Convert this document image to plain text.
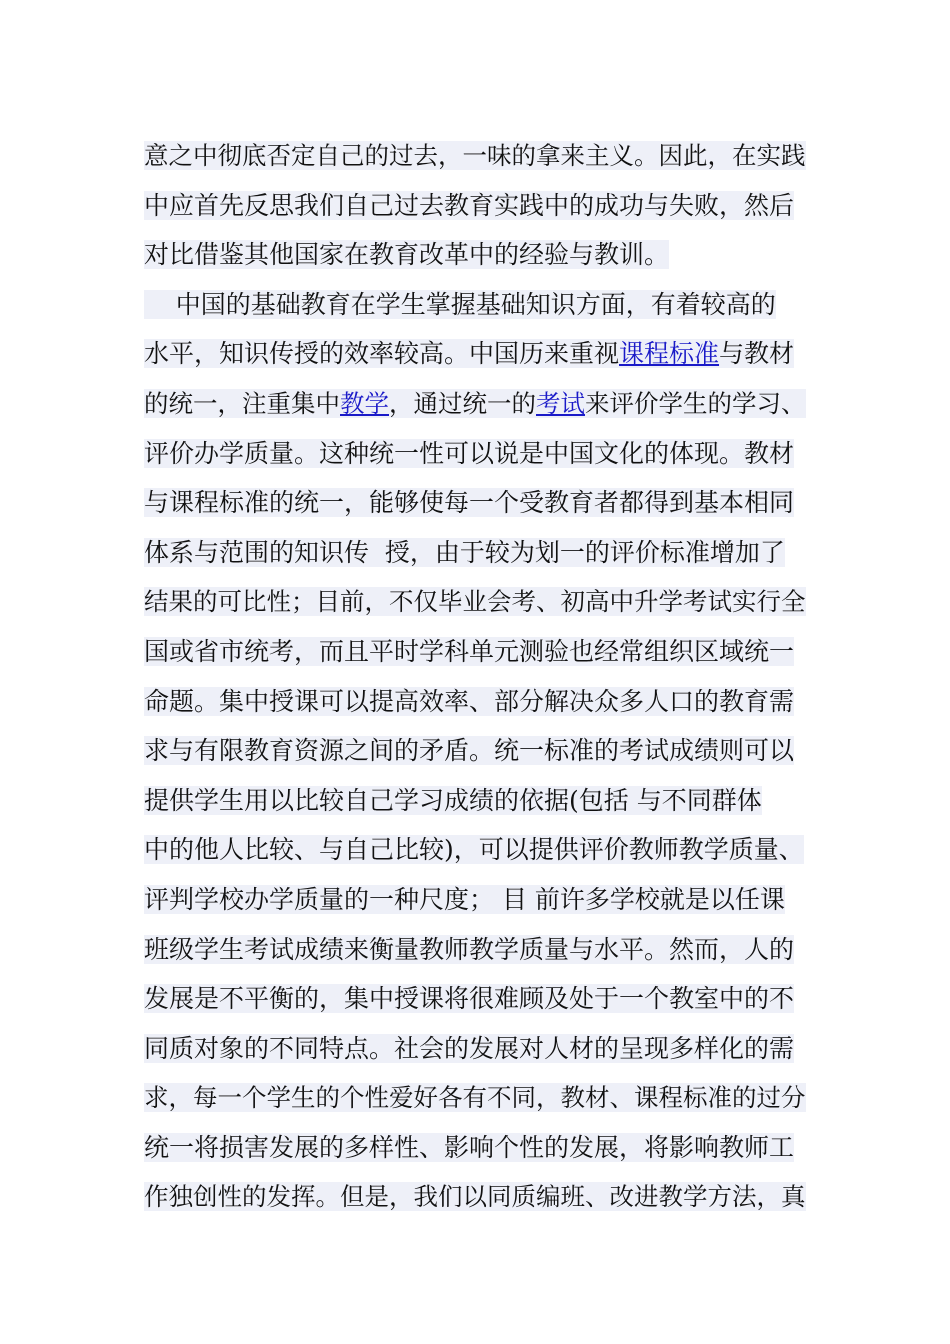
意之中彻底否定自己的过去，一味的拿来主义。因此，在实践
中应首先反思我们自己过去教育实践中的成功与失败，然后
对比借鉴其他国家在教育改革中的经验与教训。
中国的基础教育在学生掌握基础知识方面，有着较高的
水平，知识传授的效率较高。中国历来重视课程标准与教材
的统一，注重集中教学，通过统一的考试来评价学生的学习、
评价办学质量。这种统一性可以说是中国文化的体现。教材
与课程标准的统一，能够使每一个受教育者都得到基本相同
体系与范围的知识传  授，由于较为划一的评价标准增加了
结果的可比性；目前，不仅毕业会考、初高中升学考试实行全
国或省市统考，而且平时学科单元测验也经常组织区域统一
命题。集中授课可以提高效率、部分解决众多人口的教育需
求与有限教育资源之间的矛盾。统一标准的考试成绩则可以
提供学生用以比较自己学习成绩的依据(包括 与不同群体
中的他人比较、与自己比较)，可以提供评价教师教学质量、
评判学校办学质量的一种尺度； 目 前许多学校就是以任课
班级学生考试成绩来衡量教师教学质量与水平。然而，人的
发展是不平衡的，集中授课将很难顾及处于一个教室中的不
同质对象的不同特点。社会的发展对人材的呈现多样化的需
求，每一个学生的个性爱好各有不同，教材、课程标准的过分
统一将损害发展的多样性、影响个性的发展，将影响教师工
作独创性的发挥。但是，我们以同质编班、改进教学方法，真
